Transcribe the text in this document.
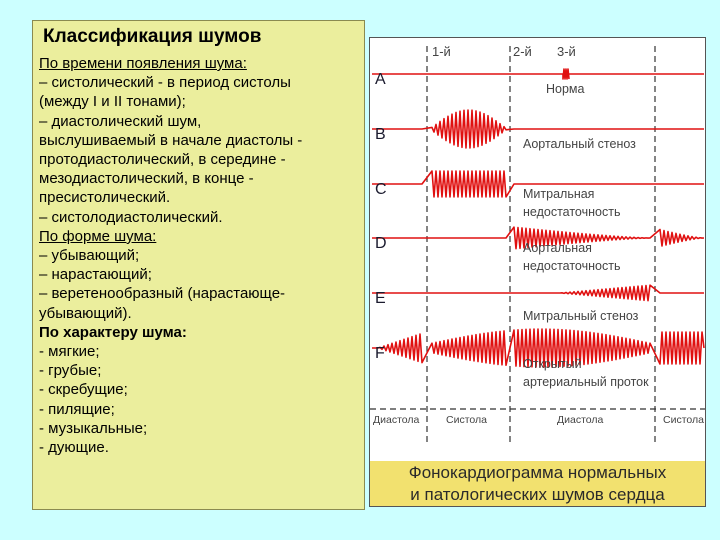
Классификация шумов
По времени появления шума:
– систолический - в период систолы
(между I и II тонами);
– диастолический шум,
выслушиваемый в начале диастолы -
протодиастолический, в середине -
мезодиастолический, в конце -
пресистолический.
– систолодиастолический.
По форме шума:
– убывающий;
– нарастающий;
– веретенообразный (нарастающе-
убывающий).
По характеру шума:
- мягкие;
- грубые;
- скребущие;
- пилящие;
- музыкальные;
- дующие.
1-й	2-й 3-й
A
Норма
B
Аортальный стеноз
C	Митральная
недостаточность
D	Аортальная
недостаточность
E
Митральный стеноз
F
Открытый
артериальный проток
Диастола	Систола	Диастола	Систола
Фонокардиограмма нормальных
и патологических шумов сердца
